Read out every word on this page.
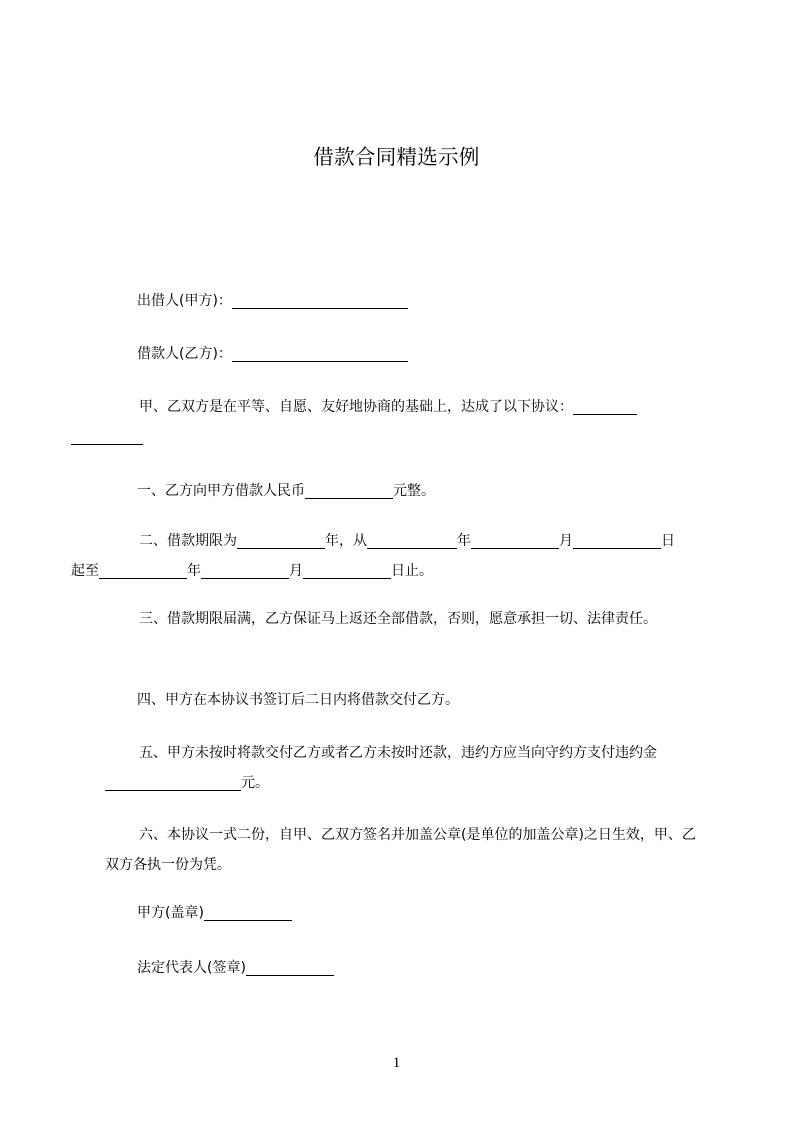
借款合同精选示例

出借人(甲方)：

借款人(乙方)：

甲、乙双方是在平等、自愿、友好地协商的基础上，达成了以下协议：

一、乙方向甲方借款人民币	元整。

二、借款期限为	年，从	年	月	日
起至	年	月	日止。

三、借款期限届满，乙方保证马上返还全部借款，否则，愿意承担一切、法律责任。

四、甲方在本协议书签订后二日内将借款交付乙方。

五、甲方未按时将款交付乙方或者乙方未按时还款，违约方应当向守约方支付违约金元。

六、本协议一式二份，自甲、乙双方签名并加盖公章(是单位的加盖公章)之日生效，甲、乙双方各执一份为凭。

甲方(盖章)

法定代表人(签章)

1
